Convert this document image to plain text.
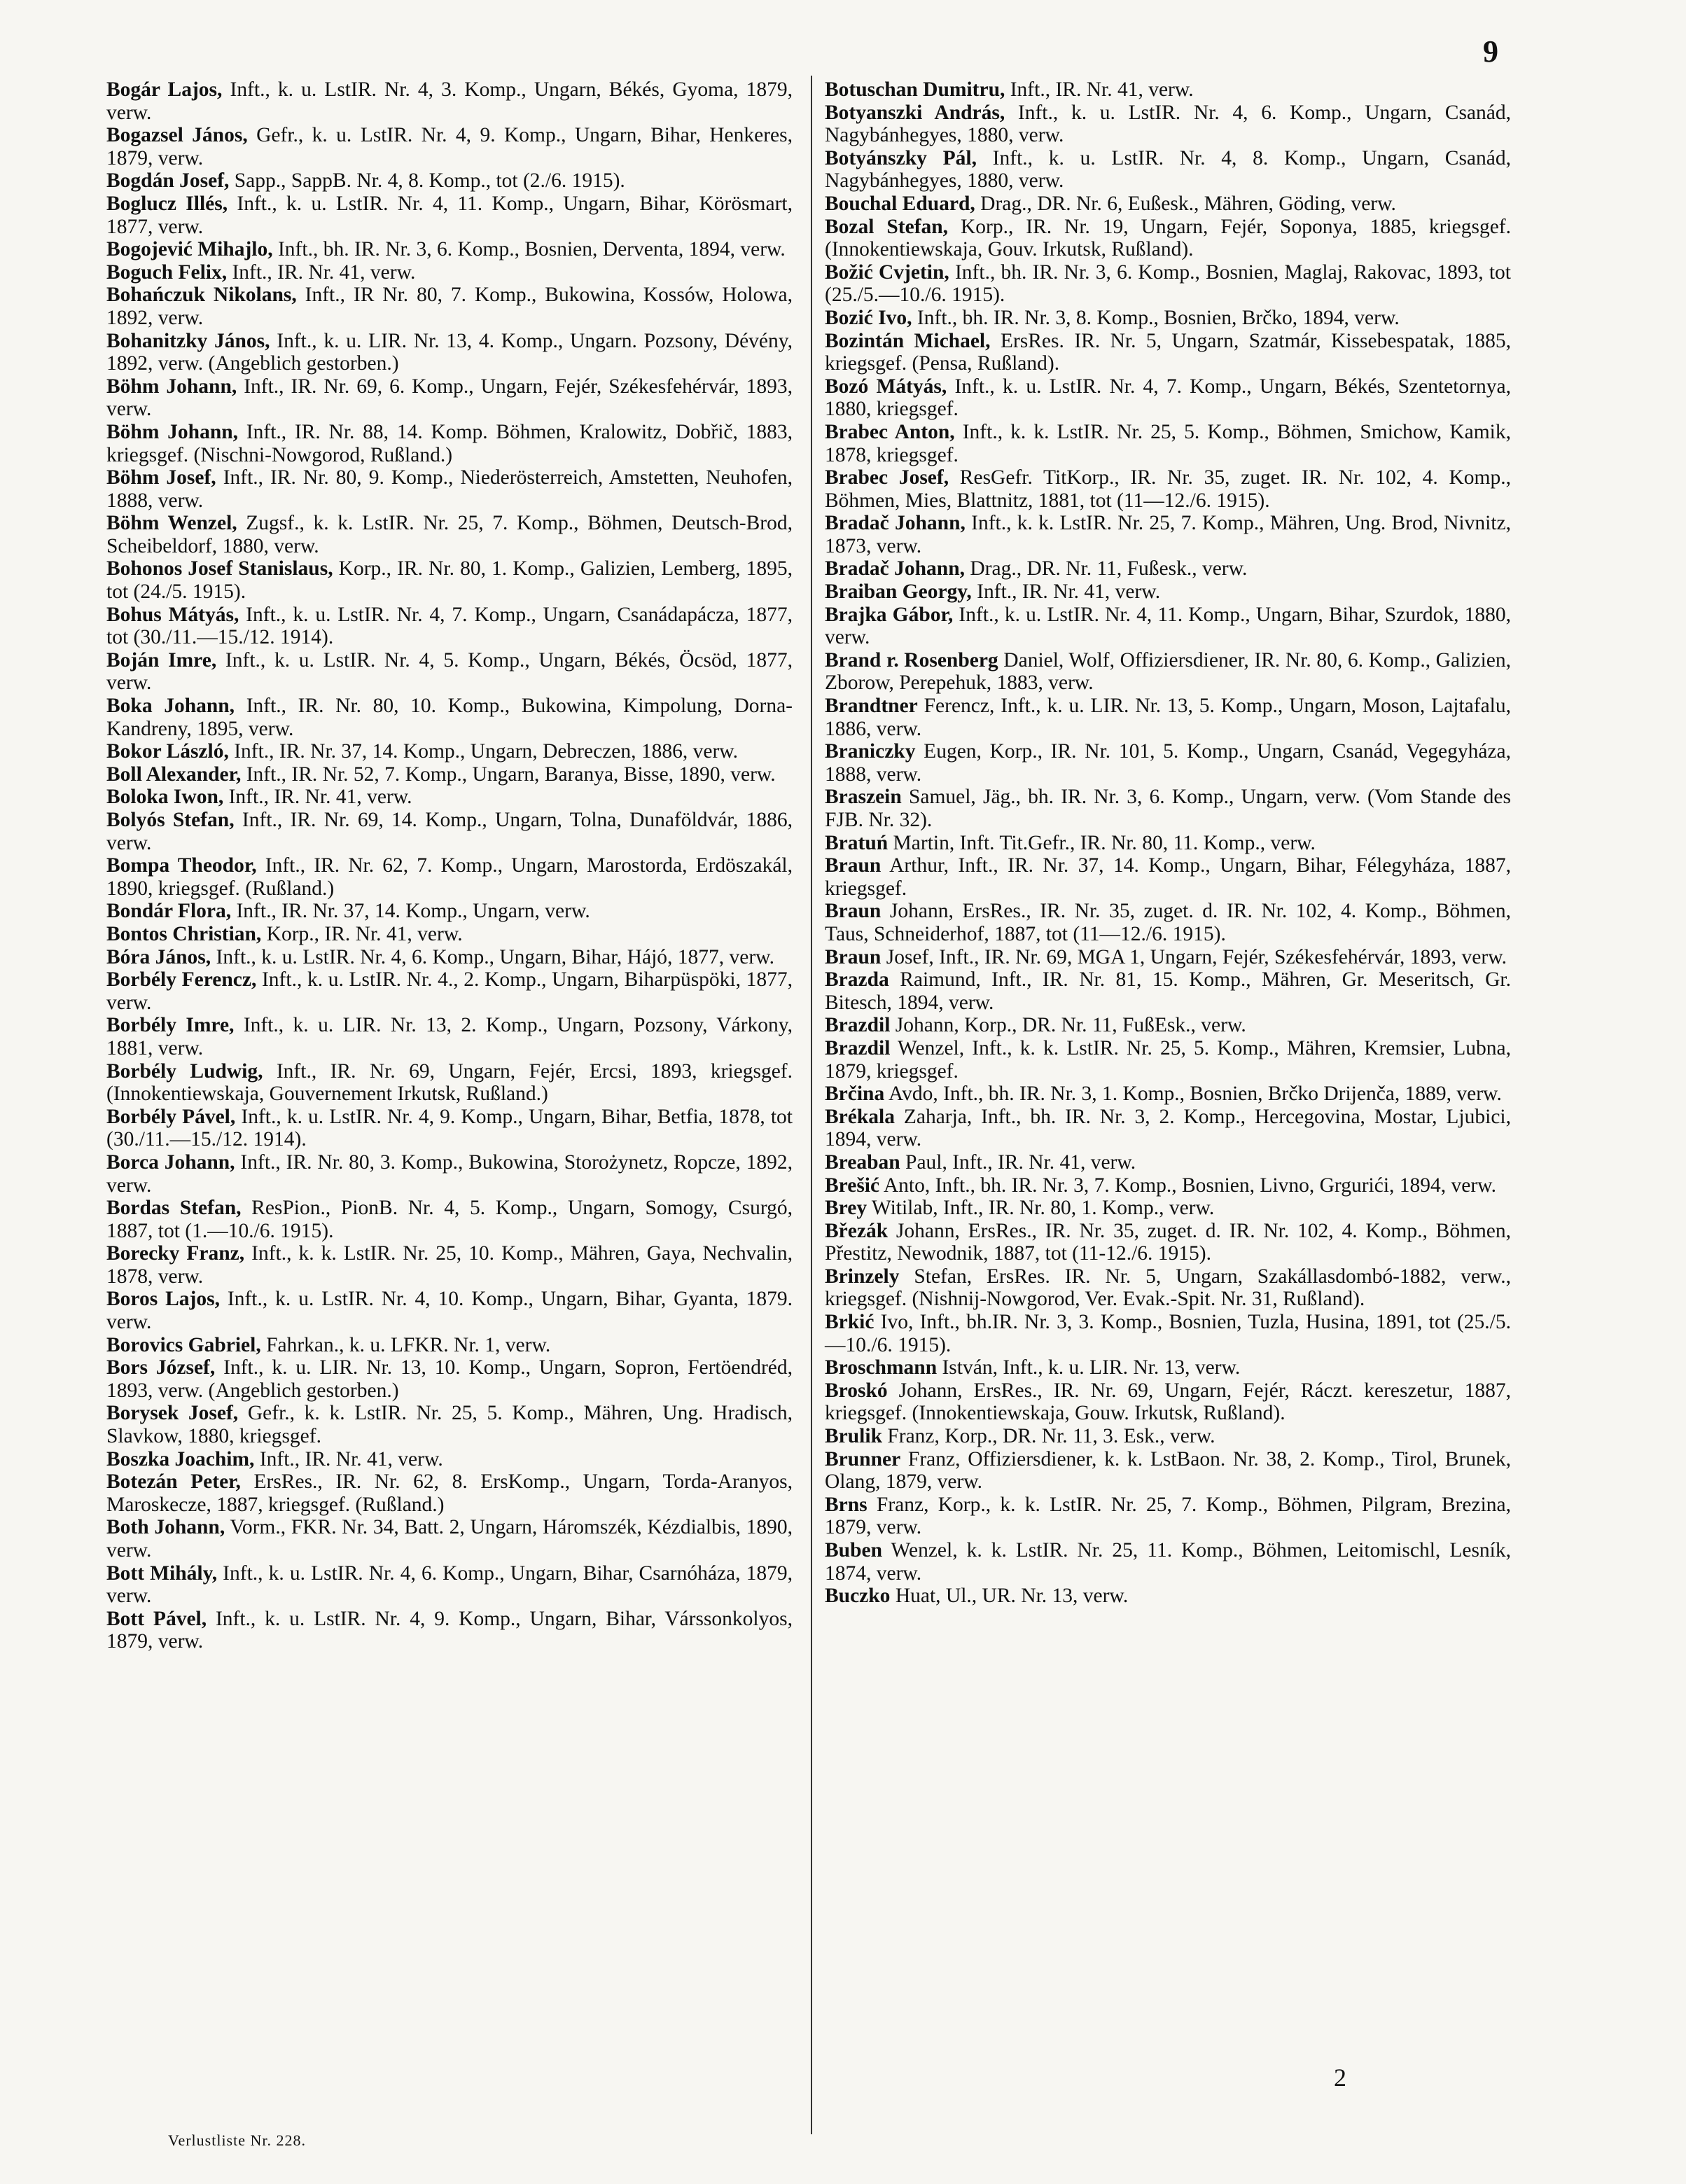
9

Bogár Lajos, Inft., k. u. LstIR. Nr. 4, 3. Komp., Ungarn, Békés, Gyoma, 1879, verw.

Bogazsel János, Gefr., k. u. LstIR. Nr. 4, 9. Komp., Ungarn, Bihar, Henkeres, 1879, verw.

Bogdán Josef, Sapp., SappB. Nr. 4, 8. Komp., tot (2./6. 1915).

Boglucz Illés, Inft., k. u. LstIR. Nr. 4, 11. Komp., Ungarn, Bihar, Körösmart, 1877, verw.

Bogojević Mihajlo, Inft., bh. IR. Nr. 3, 6. Komp., Bosnien, Derventa, 1894, verw.

Boguch Felix, Inft., IR. Nr. 41, verw.

Bohańczuk Nikolans, Inft., IR Nr. 80, 7. Komp., Bukowina, Kossów, Holowa, 1892, verw.

Bohanitzky János, Inft., k. u. LIR. Nr. 13, 4. Komp., Ungarn. Pozsony, Dévény, 1892, verw. (Angeblich gestorben.)

Böhm Johann, Inft., IR. Nr. 69, 6. Komp., Ungarn, Fejér, Székesfehérvár, 1893, verw.

Böhm Johann, Inft., IR. Nr. 88, 14. Komp. Böhmen, Kralowitz, Dobřič, 1883, kriegsgef. (Nischni-Nowgorod, Rußland.)

Böhm Josef, Inft., IR. Nr. 80, 9. Komp., Niederösterreich, Amstetten, Neuhofen, 1888, verw.

Böhm Wenzel, Zugsf., k. k. LstIR. Nr. 25, 7. Komp., Böhmen, Deutsch-Brod, Scheibeldorf, 1880, verw.

Bohonos Josef Stanislaus, Korp., IR. Nr. 80, 1. Komp., Galizien, Lemberg, 1895, tot (24./5. 1915).

Bohus Mátyás, Inft., k. u. LstIR. Nr. 4, 7. Komp., Ungarn, Csanádapácza, 1877, tot (30./11.—15./12. 1914).

Boján Imre, Inft., k. u. LstIR. Nr. 4, 5. Komp., Ungarn, Békés, Öcsöd, 1877, verw.

Boka Johann, Inft., IR. Nr. 80, 10. Komp., Bukowina, Kimpolung, Dorna-Kandreny, 1895, verw.

Bokor László, Inft., IR. Nr. 37, 14. Komp., Ungarn, Debreczen, 1886, verw.

Boll Alexander, Inft., IR. Nr. 52, 7. Komp., Ungarn, Baranya, Bisse, 1890, verw.

Boloka Iwon, Inft., IR. Nr. 41, verw.

Bolyós Stefan, Inft., IR. Nr. 69, 14. Komp., Ungarn, Tolna, Dunaföldvár, 1886, verw.

Bompa Theodor, Inft., IR. Nr. 62, 7. Komp., Ungarn, Marostorda, Erdöszakál, 1890, kriegsgef. (Rußland.)

Bondár Flora, Inft., IR. Nr. 37, 14. Komp., Ungarn, verw.

Bontos Christian, Korp., IR. Nr. 41, verw.

Bóra János, Inft., k. u. LstIR. Nr. 4, 6. Komp., Ungarn, Bihar, Hájó, 1877, verw.

Borbély Ferencz, Inft., k. u. LstIR. Nr. 4., 2. Komp., Ungarn, Biharpüspöki, 1877, verw.

Borbély Imre, Inft., k. u. LIR. Nr. 13, 2. Komp., Ungarn, Pozsony, Várkony, 1881, verw.

Borbély Ludwig, Inft., IR. Nr. 69, Ungarn, Fejér, Ercsi, 1893, kriegsgef. (Innokentiewskaja, Gouvernement Irkutsk, Rußland.)

Borbély Pável, Inft., k. u. LstIR. Nr. 4, 9. Komp., Ungarn, Bihar, Betfia, 1878, tot (30./11.—15./12. 1914).

Borca Johann, Inft., IR. Nr. 80, 3. Komp., Bukowina, Storożynetz, Ropcze, 1892, verw.

Bordas Stefan, ResPion., PionB. Nr. 4, 5. Komp., Ungarn, Somogy, Csurgó, 1887, tot (1.—10./6. 1915).

Borecky Franz, Inft., k. k. LstIR. Nr. 25, 10. Komp., Mähren, Gaya, Nechvalin, 1878, verw.

Boros Lajos, Inft., k. u. LstIR. Nr. 4, 10. Komp., Ungarn, Bihar, Gyanta, 1879. verw.

Borovics Gabriel, Fahrkan., k. u. LFKR. Nr. 1, verw.

Bors József, Inft., k. u. LIR. Nr. 13, 10. Komp., Ungarn, Sopron, Fertöendréd, 1893, verw. (Angeblich gestorben.)

Borysek Josef, Gefr., k. k. LstIR. Nr. 25, 5. Komp., Mähren, Ung. Hradisch, Slavkow, 1880, kriegsgef.

Boszka Joachim, Inft., IR. Nr. 41, verw.

Botezán Peter, ErsRes., IR. Nr. 62, 8. ErsKomp., Ungarn, Torda-Aranyos, Maroskecze, 1887, kriegsgef. (Rußland.)

Both Johann, Vorm., FKR. Nr. 34, Batt. 2, Ungarn, Háromszék, Kézdialbis, 1890, verw.

Bott Mihály, Inft., k. u. LstIR. Nr. 4, 6. Komp., Ungarn, Bihar, Csarnóháza, 1879, verw.

Bott Pável, Inft., k. u. LstIR. Nr. 4, 9. Komp., Ungarn, Bihar, Várssonkolyos, 1879, verw.

Botuschan Dumitru, Inft., IR. Nr. 41, verw.

Botyanszki András, Inft., k. u. LstIR. Nr. 4, 6. Komp., Ungarn, Csanád, Nagybánhegyes, 1880, verw.

Botyánszky Pál, Inft., k. u. LstIR. Nr. 4, 8. Komp., Ungarn, Csanád, Nagybánhegyes, 1880, verw.

Bouchal Eduard, Drag., DR. Nr. 6, Eußesk., Mähren, Göding, verw.

Bozal Stefan, Korp., IR. Nr. 19, Ungarn, Fejér, Soponya, 1885, kriegsgef. (Innokentiewskaja, Gouv. Irkutsk, Rußland).

Božić Cvjetin, Inft., bh. IR. Nr. 3, 6. Komp., Bosnien, Maglaj, Rakovac, 1893, tot (25./5.—10./6. 1915).

Bozić Ivo, Inft., bh. IR. Nr. 3, 8. Komp., Bosnien, Brčko, 1894, verw.

Bozintán Michael, ErsRes. IR. Nr. 5, Ungarn, Szatmár, Kissebespatak, 1885, kriegsgef. (Pensa, Rußland).

Bozó Mátyás, Inft., k. u. LstIR. Nr. 4, 7. Komp., Ungarn, Békés, Szentetornya, 1880, kriegsgef.

Brabec Anton, Inft., k. k. LstIR. Nr. 25, 5. Komp., Böhmen, Smichow, Kamik, 1878, kriegsgef.

Brabec Josef, ResGefr. TitKorp., IR. Nr. 35, zuget. IR. Nr. 102, 4. Komp., Böhmen, Mies, Blattnitz, 1881, tot (11—12./6. 1915).

Bradač Johann, Inft., k. k. LstIR. Nr. 25, 7. Komp., Mähren, Ung. Brod, Nivnitz, 1873, verw.

Bradač Johann, Drag., DR. Nr. 11, Fußesk., verw.

Braiban Georgy, Inft., IR. Nr. 41, verw.

Brajka Gábor, Inft., k. u. LstIR. Nr. 4, 11. Komp., Ungarn, Bihar, Szurdok, 1880, verw.

Brand r. Rosenberg Daniel, Wolf, Offiziersdiener, IR. Nr. 80, 6. Komp., Galizien, Zborow, Perepehuk, 1883, verw.

Brandtner Ferencz, Inft., k. u. LIR. Nr. 13, 5. Komp., Ungarn, Moson, Lajtafalu, 1886, verw.

Braniczky Eugen, Korp., IR. Nr. 101, 5. Komp., Ungarn, Csanád, Vegegyháza, 1888, verw.

Braszein Samuel, Jäg., bh. IR. Nr. 3, 6. Komp., Ungarn, verw. (Vom Stande des FJB. Nr. 32).

Bratuń Martin, Inft. Tit.Gefr., IR. Nr. 80, 11. Komp., verw.

Braun Arthur, Inft., IR. Nr. 37, 14. Komp., Ungarn, Bihar, Félegyháza, 1887, kriegsgef.

Braun Johann, ErsRes., IR. Nr. 35, zuget. d. IR. Nr. 102, 4. Komp., Böhmen, Taus, Schneiderhof, 1887, tot (11—12./6. 1915).

Braun Josef, Inft., IR. Nr. 69, MGA 1, Ungarn, Fejér, Székesfehérvár, 1893, verw.

Brazda Raimund, Inft., IR. Nr. 81, 15. Komp., Mähren, Gr. Meseritsch, Gr. Bitesch, 1894, verw.

Brazdil Johann, Korp., DR. Nr. 11, FußEsk., verw.

Brazdil Wenzel, Inft., k. k. LstIR. Nr. 25, 5. Komp., Mähren, Kremsier, Lubna, 1879, kriegsgef.

Brčina Avdo, Inft., bh. IR. Nr. 3, 1. Komp., Bosnien, Brčko Drijenča, 1889, verw.

Brékala Zaharja, Inft., bh. IR. Nr. 3, 2. Komp., Hercegovina, Mostar, Ljubici, 1894, verw.

Breaban Paul, Inft., IR. Nr. 41, verw.

Brešić Anto, Inft., bh. IR. Nr. 3, 7. Komp., Bosnien, Livno, Grgurići, 1894, verw.

Brey Witilab, Inft., IR. Nr. 80, 1. Komp., verw.

Březák Johann, ErsRes., IR. Nr. 35, zuget. d. IR. Nr. 102, 4. Komp., Böhmen, Přestitz, Newodnik, 1887, tot (11-12./6. 1915).

Brinzely Stefan, ErsRes. IR. Nr. 5, Ungarn, Szakállasdombó-1882, verw., kriegsgef. (Nishnij-Nowgorod, Ver. Evak.-Spit. Nr. 31, Rußland).

Brkić Ivo, Inft., bh.IR. Nr. 3, 3. Komp., Bosnien, Tuzla, Husina, 1891, tot (25./5.—10./6. 1915).

Broschmann István, Inft., k. u. LIR. Nr. 13, verw.

Broskó Johann, ErsRes., IR. Nr. 69, Ungarn, Fejér, Ráczt. kereszetur, 1887, kriegsgef. (Innokentiewskaja, Gouw. Irkutsk, Rußland).

Brulik Franz, Korp., DR. Nr. 11, 3. Esk., verw.

Brunner Franz, Offiziersdiener, k. k. LstBaon. Nr. 38, 2. Komp., Tirol, Brunek, Olang, 1879, verw.

Brns Franz, Korp., k. k. LstIR. Nr. 25, 7. Komp., Böhmen, Pilgram, Brezina, 1879, verw.

Buben Wenzel, k. k. LstIR. Nr. 25, 11. Komp., Böhmen, Leitomischl, Lesník, 1874, verw.

Buczko Huat, Ul., UR. Nr. 13, verw.

Verlustliste Nr. 228.
2
